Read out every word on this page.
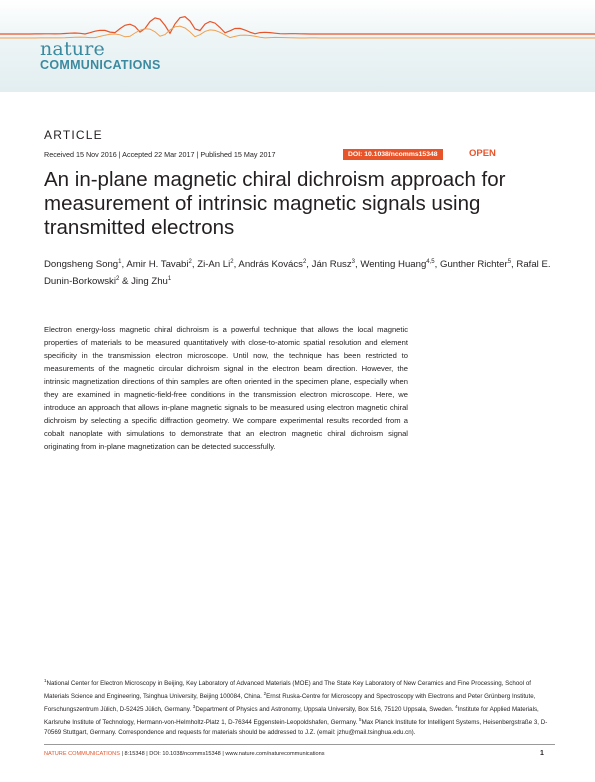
nature
COMMUNICATIONS
ARTICLE
Received 15 Nov 2016 | Accepted 22 Mar 2017 | Published 15 May 2017	DOI: 10.1038/ncomms15348	OPEN
An in-plane magnetic chiral dichroism approach for measurement of intrinsic magnetic signals using transmitted electrons
Dongsheng Song$^1$, Amir H. Tavabi$^2$, Zi-An Li$^2$, András Kovács$^2$, Ján Rusz$^3$, Wenting Huang$^{4,5}$, Gunther Richter$^5$, Rafal E. Dunin-Borkowski$^2$ & Jing Zhu$^1$

Electron energy-loss magnetic chiral dichroism is a powerful technique that allows the local magnetic properties of materials to be measured quantitatively with close-to-atomic spatial resolution and element specificity in the transmission electron microscope. Until now, the technique has been restricted to measurements of the magnetic circular dichroism signal in the electron beam direction. However, the intrinsic magnetization directions of thin samples are often oriented in the specimen plane, especially when they are examined in magnetic-field-free conditions in the transmission electron microscope. Here, we introduce an approach that allows in-plane magnetic signals to be measured using electron magnetic chiral dichroism by selecting a specific diffraction geometry. We compare experimental results recorded from a cobalt nanoplate with simulations to demonstrate that an electron magnetic chiral dichroism signal originating from in-plane magnetization can be detected successfully.

$^1$National Center for Electron Microscopy in Beijing, Key Laboratory of Advanced Materials (MOE) and The State Key Laboratory of New Ceramics and Fine Processing, School of Materials Science and Engineering, Tsinghua University, Beijing 100084, China. $^2$Ernst Ruska-Centre for Microscopy and Spectroscopy with Electrons and Peter Grünberg Institute, Forschungszentrum Jülich, D-52425 Jülich, Germany. $^3$Department of Physics and Astronomy, Uppsala University, Box 516, 75120 Uppsala, Sweden. $^4$Institute for Applied Materials, Karlsruhe Institute of Technology, Hermann-von-Helmholtz-Platz 1, D-76344 Eggenstein-Leopoldshafen, Germany. $^5$Max Planck Institute for Intelligent Systems, Heisenbergstraße 3, D-70569 Stuttgart, Germany. Correspondence and requests for materials should be addressed to J.Z. (email: jzhu@mail.tsinghua.edu.cn).

NATURE COMMUNICATIONS | 8:15348 | DOI: 10.1038/ncomms15348 | www.nature.com/naturecommunications	1
